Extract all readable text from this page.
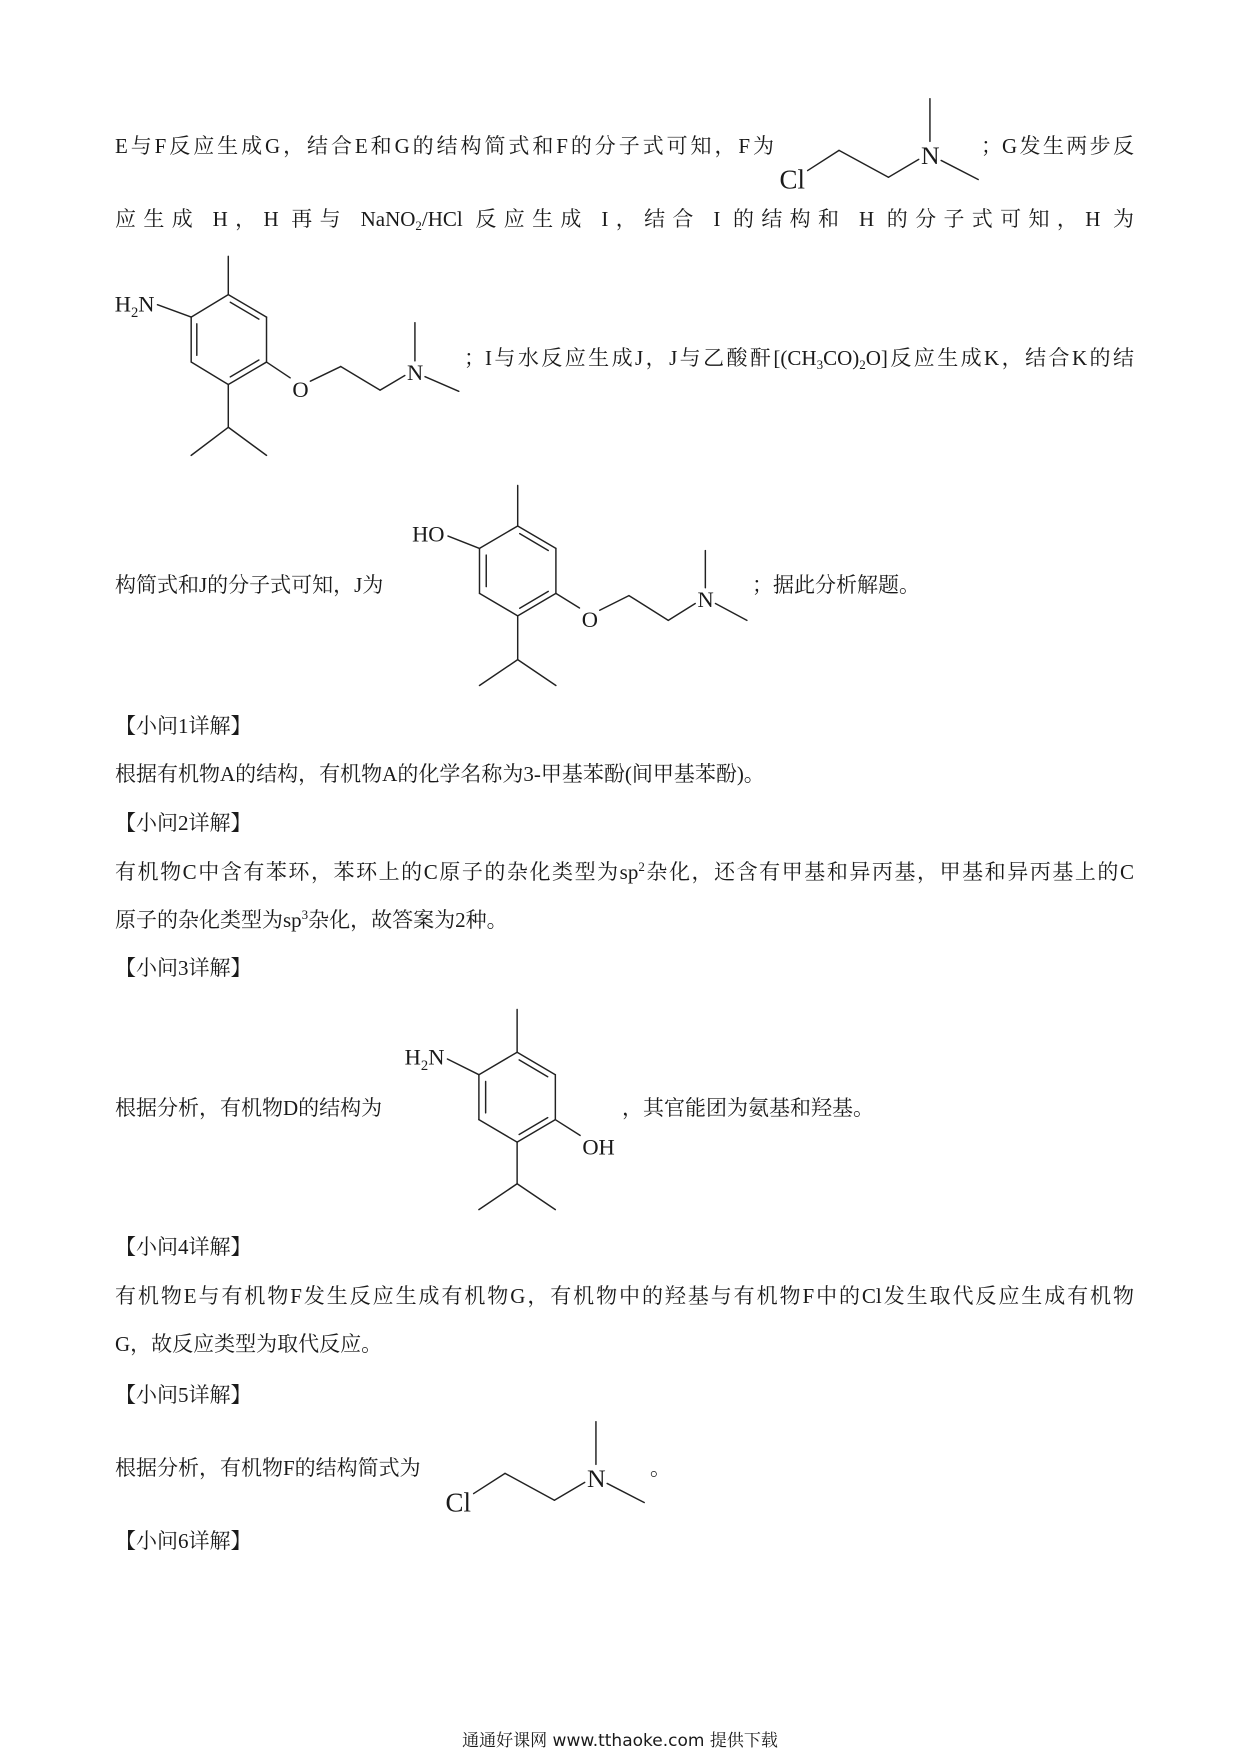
E与F反应生成G，结合E和G的结构简式和F的分子式可知，F为
Cl
N ；G发生两步反
应生成 H，H 再与 NaNO$_2$/HCl 反应生成 I，结合 I 的结构和 H 的分子式可知，H 为
$H_2N$
O
N
；I与水反应生成J，J与乙酸酐$[(CH_3CO)_2O]$反应生成K，结合K的结
构简式和J的分子式可知，J为
HO
O
N
；据此分析解题。
【小问1详解】
根据有机物A的结构，有机物A的化学名称为3-甲基苯酚(间甲基苯酚)。
【小问2详解】
有机物C中含有苯环，苯环上的C原子的杂化类型为$sp^2$杂化，还含有甲基和异丙基，甲基和异丙基上的C
原子的杂化类型为$sp^3$杂化，故答案为2种。
【小问3详解】
根据分析，有机物D的结构为
$H_2N$
OH
，其官能团为氨基和羟基。
【小问4详解】
有机物E与有机物F发生反应生成有机物G，有机物中的羟基与有机物F中的Cl发生取代反应生成有机物
G，故反应类型为取代反应。
【小问5详解】
根据分析，有机物F的结构简式为
Cl
N 。
【小问6详解】
通通好课网 www.tthaoke.com 提供下载
